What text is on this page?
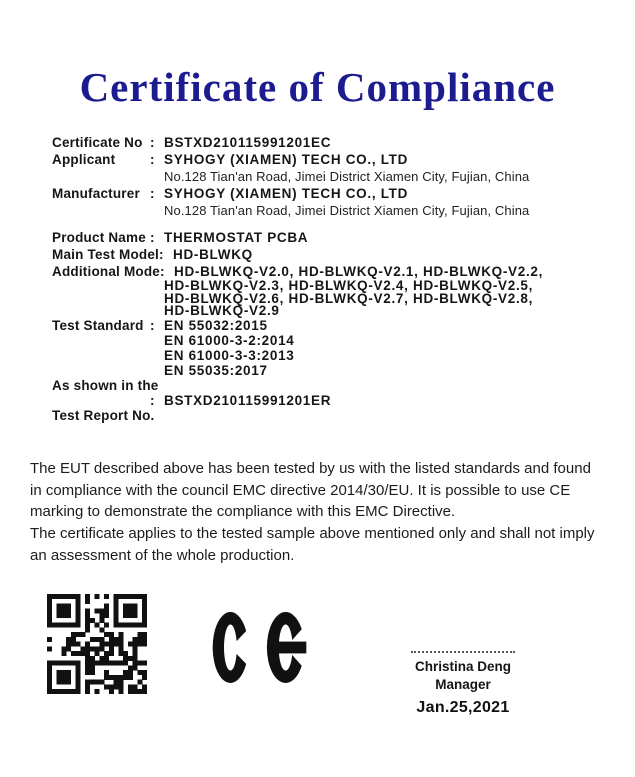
Certificate of Compliance
Certificate No : BSTXD210115991201EC
Applicant	: SYHOGY (XIAMEN) TECH CO., LTD
No.128 Tian'an Road, Jimei District Xiamen City, Fujian, China
Manufacturer : SYHOGY (XIAMEN) TECH CO., LTD
No.128 Tian'an Road, Jimei District Xiamen City, Fujian, China
Product Name : THERMOSTAT PCBA
Main Test Model : HD-BLWKQ
Additional Mode : HD-BLWKQ-V2.0, HD-BLWKQ-V2.1, HD-BLWKQ-V2.2,
HD-BLWKQ-V2.3, HD-BLWKQ-V2.4, HD-BLWKQ-V2.5,
HD-BLWKQ-V2.6, HD-BLWKQ-V2.7, HD-BLWKQ-V2.8,
HD-BLWKQ-V2.9
Test Standard : EN 55032:2015
EN 61000-3-2:2014
EN 61000-3-3:2013
EN 55035:2017
As shown in the
: BSTXD210115991201ER
Test Report No.
The EUT described above has been tested by us with the listed standards and found
in compliance with the council EMC directive 2014/30/EU. It is possible to use CE
marking to demonstrate the compliance with this EMC Directive.
The certificate applies to the tested sample above mentioned only and shall not imply
an assessment of the whole production.
Christina Deng
Manager
Jan.25,2021
